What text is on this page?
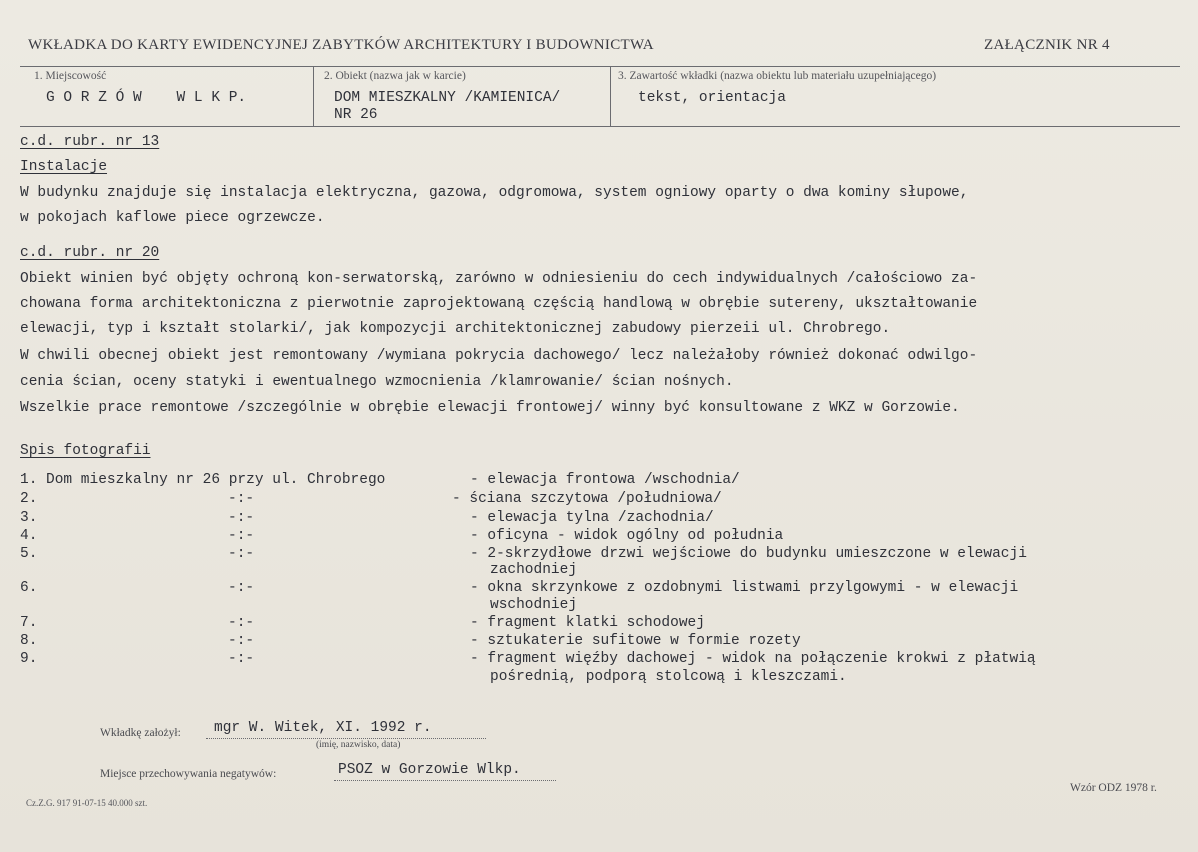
WKŁADKA DO KARTY EWIDENCYJNEJ ZABYTKÓW ARCHITEKTURY I BUDOWNICTWA	ZAŁĄCZNIK NR 4
1. Miejscowość
G O R Z Ó W    W L K P.
2. Obiekt (nazwa jak w karcie)
DOM MIESZKALNY /KAMIENICA/
NR 26
3. Zawartość wkładki (nazwa obiektu lub materiału uzupełniającego)
tekst, orientacja
c.d. rubr. nr 13
Instalacje
W budynku znajduje się instalacja elektryczna, gazowa, odgromowa, system ogniowy oparty o dwa kominy słupowe,
w pokojach kaflowe piece ogrzewcze.
c.d. rubr. nr 20
Obiekt winien być objęty ochroną kon-serwatorską, zarówno w odniesieniu do cech indywidualnych /całościowo za-
chowana forma architektoniczna z pierwotnie zaprojektowaną częścią handlową w obrębie sutereny, ukształtowanie
elewacji, typ i kształt stolarki/, jak kompozycji architektonicznej zabudowy pierzeii ul. Chrobrego.
W chwili obecnej obiekt jest remontowany /wymiana pokrycia dachowego/ lecz należałoby również dokonać odwilgo-
cenia ścian, oceny statyki i ewentualnego wzmocnienia /klamrowanie/ ścian nośnych.
Wszelkie prace remontowe /szczególnie w obrębie elewacji frontowej/ winny być konsultowane z WKZ w Gorzowie.
Spis fotografii
1. Dom mieszkalny nr 26 przy ul. Chrobrego	- elewacja frontowa /wschodnia/
2.	-:-	- ściana szczytowa /południowa/
3.	-:-	- elewacja tylna /zachodnia/
4.	-:-	- oficyna - widok ogólny od południa
5.	-:-	- 2-skrzydłowe drzwi wejściowe do budynku umieszczone w elewacji
zachodniej
6.	-:-	- okna skrzynkowe z ozdobnymi listwami przylgowymi - w elewacji
wschodniej
7.	-:-	- fragment klatki schodowej
8.	-:-	- sztukaterie sufitowe w formie rozety
9.	-:-	- fragment więźby dachowej - widok na połączenie krokwi z płatwią
pośrednią, podporą stolcową i kleszczami.
Wkładkę założył: mgr W. Witek, XI. 1992 r.
(imię, nazwisko, data)
Miejsce przechowywania negatywów:	PSOZ w Gorzowie Wlkp.
Wzór ODZ 1978 r.
Cz.Z.G. 917 91-07-15 40.000 szt.
